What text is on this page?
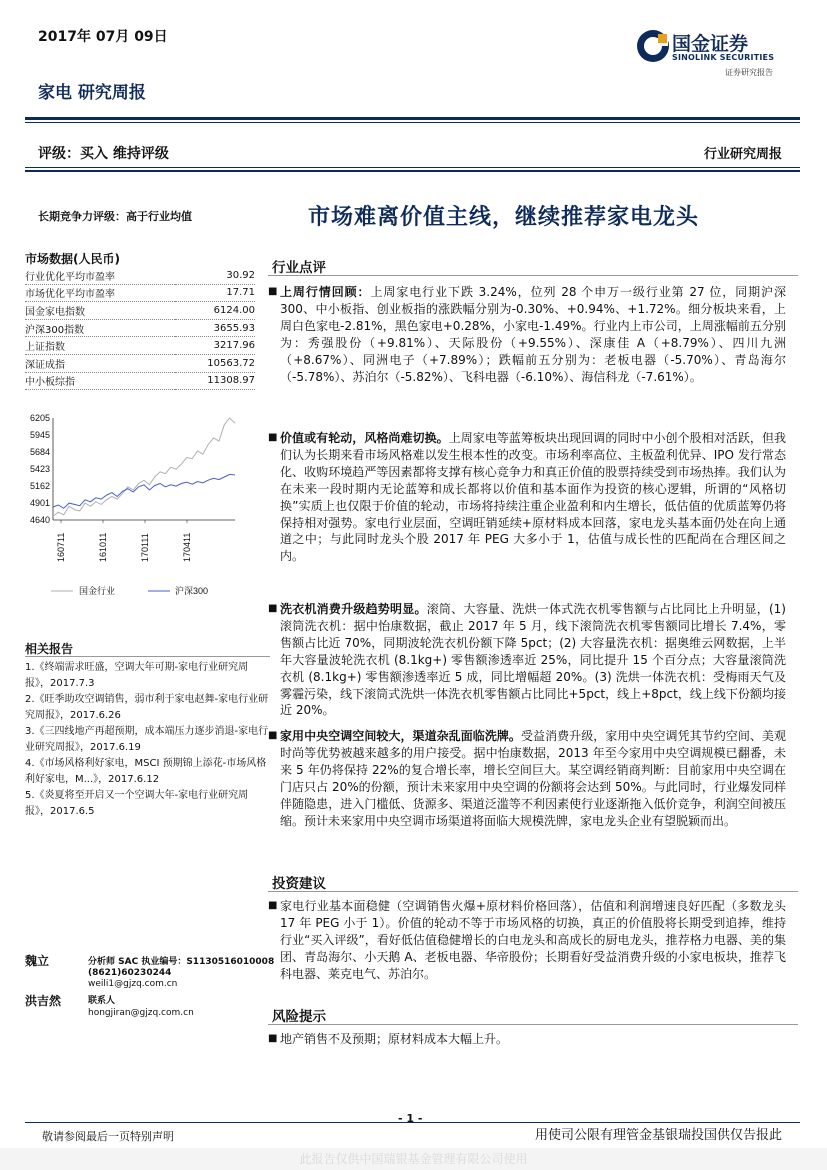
2017年 07月 09日	国金证券
SINOLINK SECURITIES
证券研究报告
家电 研究周报
评级：买入 维持评级	行业研究周报
市场难离价值主线，继续推荐家电龙头
长期竞争力评级：高于行业均值
市场数据(人民币)
行业优化平均市盈率	30.92
市场优化平均市盈率	17.71
国金家电指数	6124.00
沪深300指数	3655.93
上证指数	3217.96
深证成指	10563.72
中小板综指	11308.97
6205
5945
5684
5423
5162
4901
4640
160711	161011	170111	170411
国金行业	沪深300
相关报告
1.《终端需求旺盛，空调大年可期-家电行业研究周报》，2017.7.3
2.《旺季助攻空调销售，弱市利于家电赵舞-家电行业研究周报》，2017.6.26
3.《三四线地产再超预期，成本端压力逐步消退-家电行业研究周报》，2017.6.19
4.《市场风格利好家电，MSCI 预期锦上添花-市场风格利好家电，M...》，2017.6.12
5.《炎夏将至开启又一个空调大年-家电行业研究周报》，2017.6.5
魏立	分析师 SAC 执业编号：S1130516010008
(8621)60230244
weili1@gjzq.com.cn
洪吉然	联系人
hongjiran@gjzq.com.cn
行业点评
■ 上周行情回顾：上周家电行业下跌 3.24%，位列 28 个申万一级行业第 27 位，同期沪深 300、中小板指、创业板指的涨跌幅分别为-0.30%、+0.94%、+1.72%。细分板块来看，上周白色家电-2.81%，黑色家电+0.28%，小家电-1.49%。行业内上市公司，上周涨幅前五分别为：秀强股份（+9.81%）、天际股份（+9.55%）、深康佳 A（+8.79%）、四川九洲（+8.67%）、同洲电子（+7.89%）；跌幅前五分别为：老板电器（-5.70%）、青岛海尔（-5.78%）、苏泊尔（-5.82%）、飞科电器（-6.10%）、海信科龙（-7.61%）。
■ 价值或有轮动，风格尚难切换。上周家电等蓝筹板块出现回调的同时中小创个股相对活跃，但我们认为长期来看市场风格难以发生根本性的改变。市场利率高位、主板盈利优异、IPO 发行常态化、收购环境趋严等因素都将支撑有核心竞争力和真正价值的股票持续受到市场热捧。我们认为在未来一段时期内无论蓝筹和成长都将以价值和基本面作为投资的核心逻辑，所谓的“风格切换”实质上也仅限于价值的轮动，市场将持续注重企业盈利和内生增长，低估值的优质蓝筹仍将保持相对强势。家电行业层面，空调旺销延续+原材料成本回落，家电龙头基本面仍处在向上通道之中；与此同时龙头个股 2017 年 PEG 大多小于 1，估值与成长性的匹配尚在合理区间之内。
■ 洗衣机消费升级趋势明显。滚筒、大容量、洗烘一体式洗衣机零售额与占比同比上升明显，(1) 滚筒洗衣机：据中怡康数据，截止 2017 年 5 月，线下滚筒洗衣机零售额同比增长 7.4%，零售额占比近 70%，同期波轮洗衣机份额下降 5pct；(2) 大容量洗衣机：据奥维云网数据，上半年大容量波轮洗衣机 (8.1kg+) 零售额渗透率近 25%，同比提升 15 个百分点；大容量滚筒洗衣机 (8.1kg+) 零售额渗透率近 5 成，同比增幅超 20%。(3) 洗烘一体洗衣机：受梅雨天气及雾霾污染，线下滚筒式洗烘一体洗衣机零售额占比同比+5pct，线上+8pct，线上线下份额均接近 20%。
■ 家用中央空调空间较大，渠道杂乱面临洗牌。受益消费升级，家用中央空调凭其节约空间、美观时尚等优势被越来越多的用户接受。据中怡康数据，2013 年至今家用中央空调规模已翻番，未来 5 年仍将保持 22%的复合增长率，增长空间巨大。某空调经销商判断：目前家用中央空调在门店只占 20%的份额，预计未来家用中央空调的份额将会达到 50%。与此同时，行业爆发同样伴随隐患，进入门槛低、货源多、渠道泛滥等不利因素使行业逐渐拖入低价竞争，利润空间被压缩。预计未来家用中央空调市场渠道将面临大规模洗牌，家电龙头企业有望脱颖而出。
投资建议
■ 家电行业基本面稳健（空调销售火爆+原材料价格回落），估值和利润增速良好匹配（多数龙头 17 年 PEG 小于 1）。价值的轮动不等于市场风格的切换，真正的价值股将长期受到追捧，维持行业“买入评级”，看好低估值稳健增长的白电龙头和高成长的厨电龙头，推荐格力电器、美的集团、青岛海尔、小天鹅 A、老板电器、华帝股份；长期看好受益消费升级的小家电板块，推荐飞科电器、莱克电气、苏泊尔。
风险提示
■ 地产销售不及预期；原材料成本大幅上升。
- 1 -
敬请参阅最后一页特别声明	用使司公限有理管金基银瑞投国供仅告报此
此报告仅供中国瑞银基金管理有限公司使用
